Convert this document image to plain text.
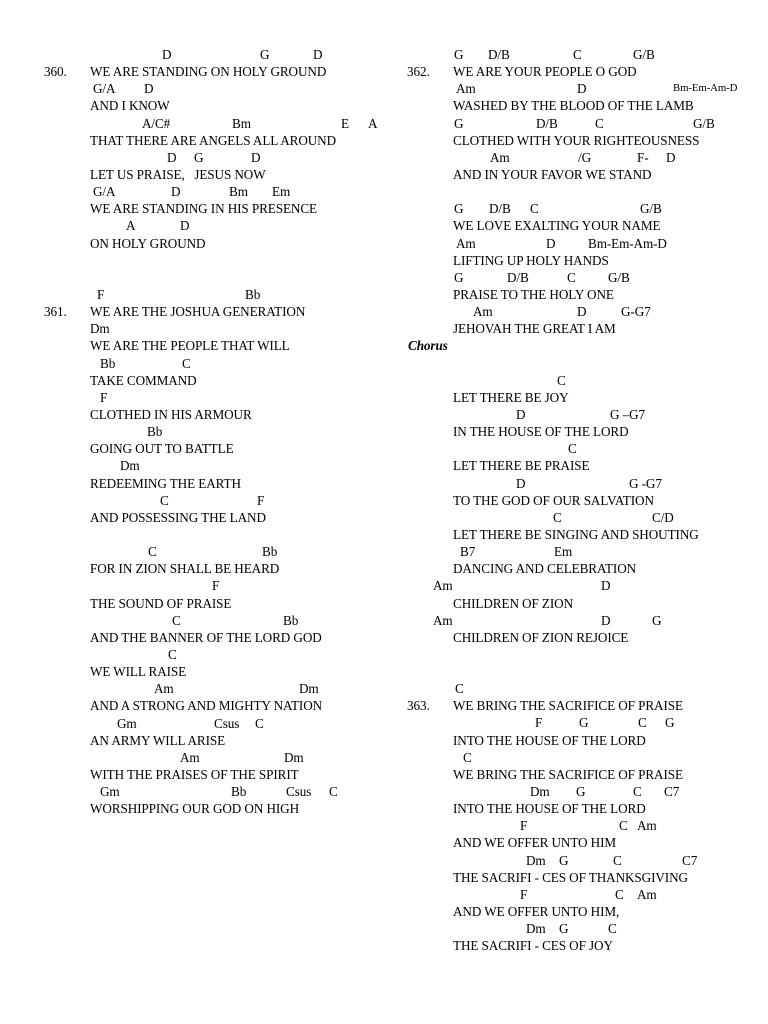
D	G	D
360. WE ARE STANDING ON HOLY GROUND
G/A D
AND I KNOW
A/C#	Bm	E A
THAT THERE ARE ANGELS ALL AROUND
D G	D
LET US PRAISE,   JESUS NOW
G/A	D	Bm Em
WE ARE STANDING IN HIS PRESENCE
A	D
ON HOLY GROUND
F	Bb
361. WE ARE THE JOSHUA GENERATION
Dm
WE ARE THE PEOPLE THAT WILL
Bb	C
TAKE COMMAND
F
CLOTHED IN HIS ARMOUR
Bb
GOING OUT TO BATTLE
Dm
REDEEMING THE EARTH
C	F
AND POSSESSING THE LAND
C	Bb
FOR IN ZION SHALL BE HEARD
F
THE SOUND OF PRAISE
C	Bb
AND THE BANNER OF THE LORD GOD
C
WE WILL RAISE
Am	Dm
AND A STRONG AND MIGHTY NATION
Gm	Csus C
AN ARMY WILL ARISE
Am	Dm
WITH THE PRAISES OF THE SPIRIT
Gm	Bb	Csus C
WORSHIPPING OUR GOD ON HIGH
G D/B	C	G/B
362. WE ARE YOUR PEOPLE O GOD
Am	D	Bm-Em-Am-D
WASHED BY THE BLOOD OF THE LAMB
G	D/B	C	G/B
CLOTHED WITH YOUR RIGHTEOUSNESS
Am	/G	F- D
AND IN YOUR FAVOR WE STAND
G D/B C	G/B
WE LOVE EXALTING YOUR NAME
Am	D Bm-Em-Am-D
LIFTING UP HOLY HANDS
G	D/B	C G/B
PRAISE TO THE HOLY ONE
Am	D	G-G7
JEHOVAH THE GREAT I AM
Chorus
C
LET THERE BE JOY
D	G –G7
IN THE HOUSE OF THE LORD
C
LET THERE BE PRAISE
D	G -G7
TO THE GOD OF OUR SALVATION
C	C/D
LET THERE BE SINGING AND SHOUTING
B7	Em
DANCING AND CELEBRATION
Am	D
CHILDREN OF ZION
Am	D	G
CHILDREN OF ZION REJOICE
C
363. WE BRING THE SACRIFICE OF PRAISE
F	G	C G
INTO THE HOUSE OF THE LORD
C
WE BRING THE SACRIFICE OF PRAISE
Dm G	C C7
INTO THE HOUSE OF THE LORD
F	C Am
AND WE OFFER UNTO HIM
Dm G	C	C7
THE SACRIFI - CES OF THANKSGIVING
F	C Am
AND WE OFFER UNTO HIM,
Dm G	C
THE SACRIFI - CES OF JOY
